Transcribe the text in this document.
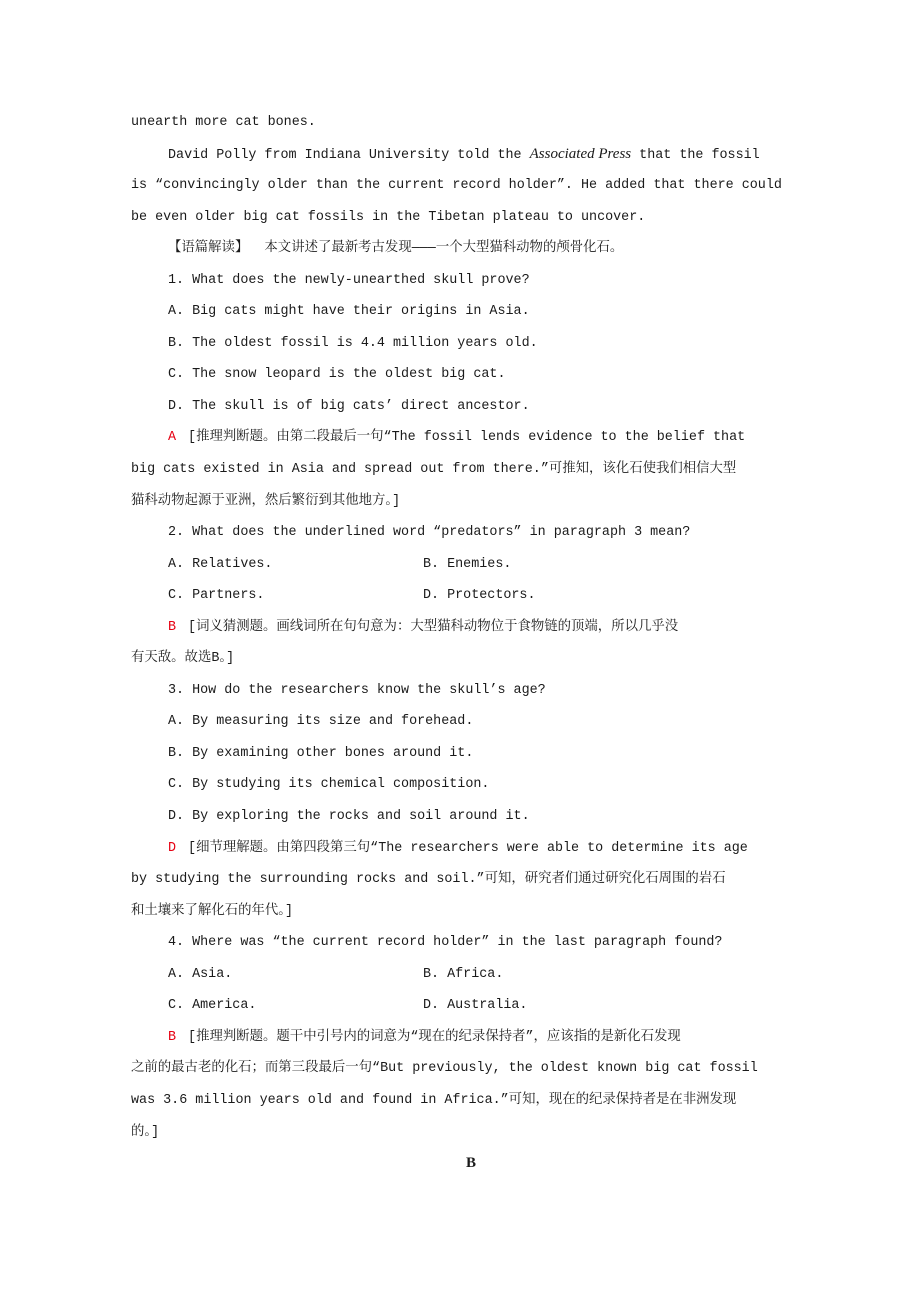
unearth more cat bones.
David Polly from Indiana University told the Associated Press that the fossil
is “convincingly older than the current record holder”. He added that there could
be even older big cat fossils in the Tibetan plateau to uncover.
【语篇解读】  本文讲述了最新考古发现———一个大型猫科动物的颅骨化石。
1. What does the newly-unearthed skull prove?
A. Big cats might have their origins in Asia.
B. The oldest fossil is 4.4 million years old.
C. The snow leopard is the oldest big cat.
D. The skull is of big cats’ direct ancestor.
A [推理判断题。由第二段最后一句“The fossil lends evidence to the belief that
big cats existed in Asia and spread out from there.”可推知，该化石使我们相信大型
猫科动物起源于亚洲，然后繁衍到其他地方。]
2. What does the underlined word “predators” in paragraph 3 mean?
A. Relatives.	B. Enemies.
C. Partners.	D. Protectors.
B [词义猜测题。画线词所在句句意为：大型猫科动物位于食物链的顶端，所以几乎没
有天敌。故选B。]
3. How do the researchers know the skull’s age?
A. By measuring its size and forehead.
B. By examining other bones around it.
C. By studying its chemical composition.
D. By exploring the rocks and soil around it.
D [细节理解题。由第四段第三句“The researchers were able to determine its age
by studying the surrounding rocks and soil.”可知，研究者们通过研究化石周围的岩石
和土壤来了解化石的年代。]
4. Where was “the current record holder” in the last paragraph found?
A. Asia.	B. Africa.
C. America.	D. Australia.
B [推理判断题。题干中引号内的词意为“现在的纪录保持者”，应该指的是新化石发现
之前的最古老的化石；而第三段最后一句“But previously, the oldest known big cat fossil
was 3.6 million years old and found in Africa.”可知，现在的纪录保持者是在非洲发现
的。]
B
